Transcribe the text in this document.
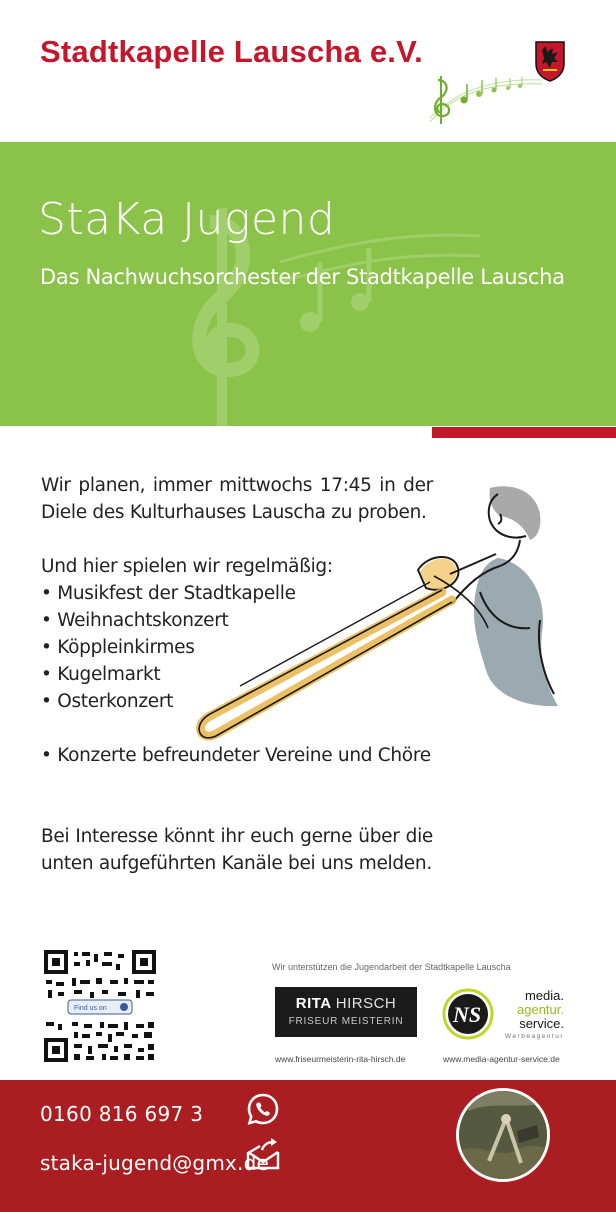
Stadtkapelle Lauscha e.V.
StaKa Jugend
Das Nachwuchsorchester der Stadtkapelle Lauscha
Wir planen, immer mittwochs 17:45 in der Diele des Kulturhauses Lauscha zu proben.
Und hier spielen wir regelmäßig:
• Musikfest der Stadtkapelle
• Weihnachtskonzert
• Köppleinkirmes
• Kugelmarkt
• Osterkonzert
• Konzerte befreundeter Vereine und Chöre
Bei Interesse könnt ihr euch gerne über die unten aufgeführten Kanäle bei uns melden.
Find us on
Wir unterstützen die Jugendarbeit der Stadtkapelle Lauscha
RITA HIRSCH
FRISEUR MEISTERIN
www.friseurmeisterin-rita-hirsch.de
NS
media.
agentur.
service.
Werbeagentur
www.media-agentur-service.de
0160 816 697 3
staka-jugend@gmx.de
